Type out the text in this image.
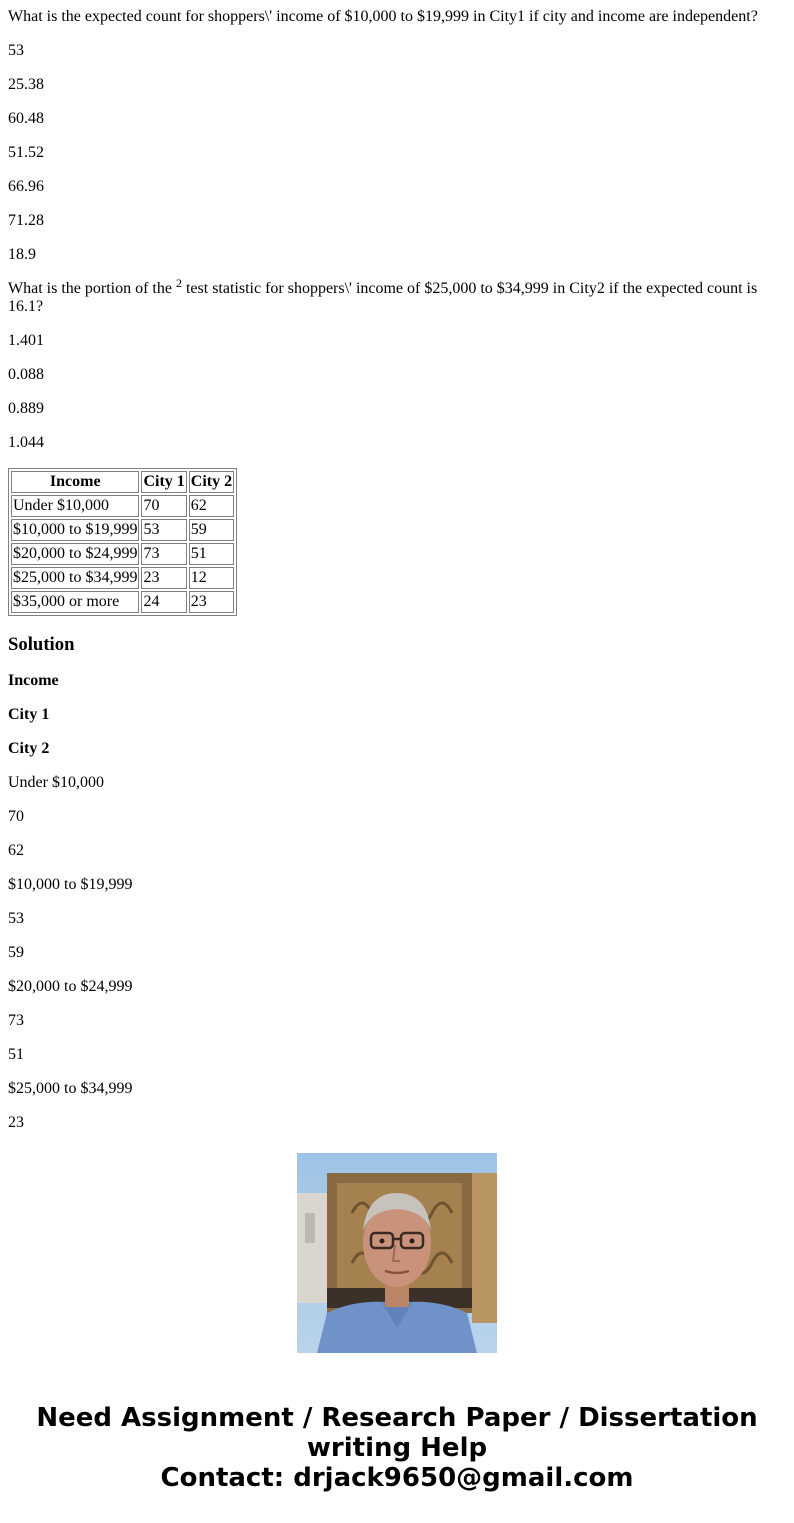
What is the expected count for shoppers\' income of $10,000 to $19,999 in City1 if city and income are independent?

53

25.38

60.48

51.52

66.96

71.28

18.9

What is the portion of the $^2$ test statistic for shoppers\' income of $25,000 to $34,999 in City2 if the expected count is 16.1?

1.401

0.088

0.889

1.044

Income	City 1	City 2
Under $10,000	70	62
$10,000 to $19,999	53	59
$20,000 to $24,999	73	51
$25,000 to $34,999	23	12
$35,000 or more	24	23
Solution

Income

City 1

City 2

Under $10,000

70

62

$10,000 to $19,999

53

59

$20,000 to $24,999

73

51

$25,000 to $34,999

23

Need Assignment / Research Paper / Dissertation
writing Help
Contact: drjack9650@gmail.com
